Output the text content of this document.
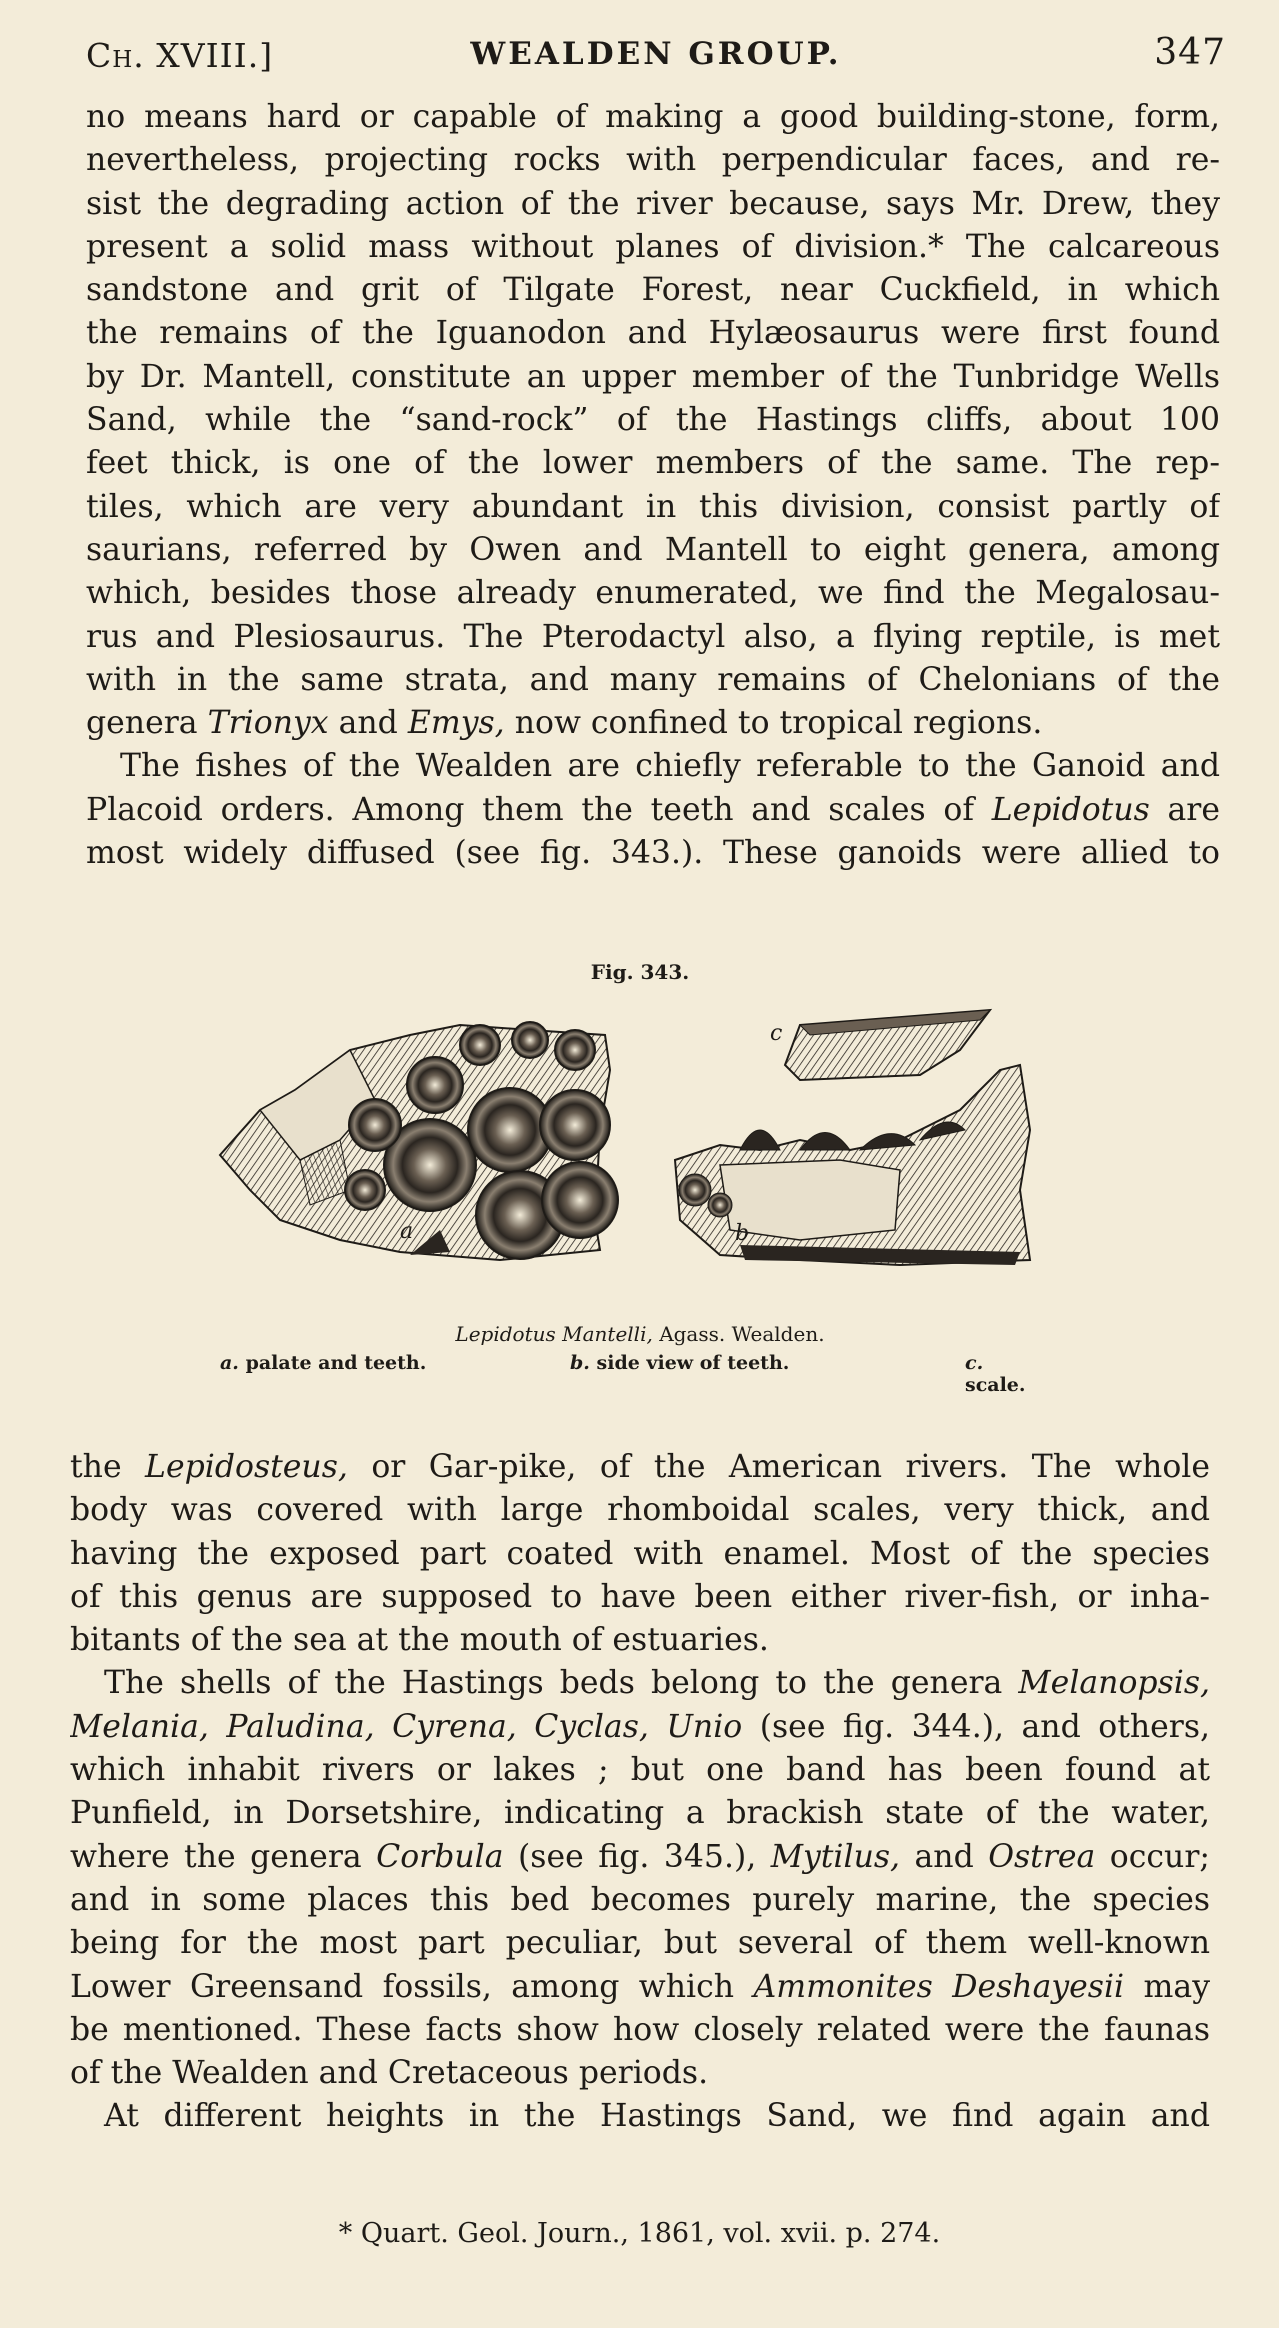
Ch. XVIII.]	WEALDEN GROUP.	347
no means hard or capable of making a good building-stone, form,
nevertheless, projecting rocks with perpendicular faces, and re-
sist the degrading action of the river because, says Mr. Drew, they
present a solid mass without planes of division.* The calcareous
sandstone and grit of Tilgate Forest, near Cuckfield, in which
the remains of the Iguanodon and Hylæosaurus were first found
by Dr. Mantell, constitute an upper member of the Tunbridge Wells
Sand, while the “sand-rock” of the Hastings cliffs, about 100
feet thick, is one of the lower members of the same. The rep-
tiles, which are very abundant in this division, consist partly of
saurians, referred by Owen and Mantell to eight genera, among
which, besides those already enumerated, we find the Megalosau-
rus and Plesiosaurus. The Pterodactyl also, a flying reptile, is met
with in the same strata, and many remains of Chelonians of the
genera Trionyx and Emys, now confined to tropical regions.
The fishes of the Wealden are chiefly referable to the Ganoid and
Placoid orders. Among them the teeth and scales of Lepidotus are
most widely diffused (see fig. 343.). These ganoids were allied to
Fig. 343.
a
c
b
Lepidotus Mantelli, Agass. Wealden.
a. palate and teeth.	b. side view of teeth.	c. scale.
the Lepidosteus, or Gar-pike, of the American rivers. The whole
body was covered with large rhomboidal scales, very thick, and
having the exposed part coated with enamel. Most of the species
of this genus are supposed to have been either river-fish, or inha-
bitants of the sea at the mouth of estuaries.
The shells of the Hastings beds belong to the genera Melanopsis,
Melania, Paludina, Cyrena, Cyclas, Unio (see fig. 344.), and others,
which inhabit rivers or lakes ; but one band has been found at
Punfield, in Dorsetshire, indicating a brackish state of the water,
where the genera Corbula (see fig. 345.), Mytilus, and Ostrea occur;
and in some places this bed becomes purely marine, the species
being for the most part peculiar, but several of them well-known
Lower Greensand fossils, among which Ammonites Deshayesii may
be mentioned. These facts show how closely related were the faunas
of the Wealden and Cretaceous periods.
At different heights in the Hastings Sand, we find again and
* Quart. Geol. Journ., 1861, vol. xvii. p. 274.
